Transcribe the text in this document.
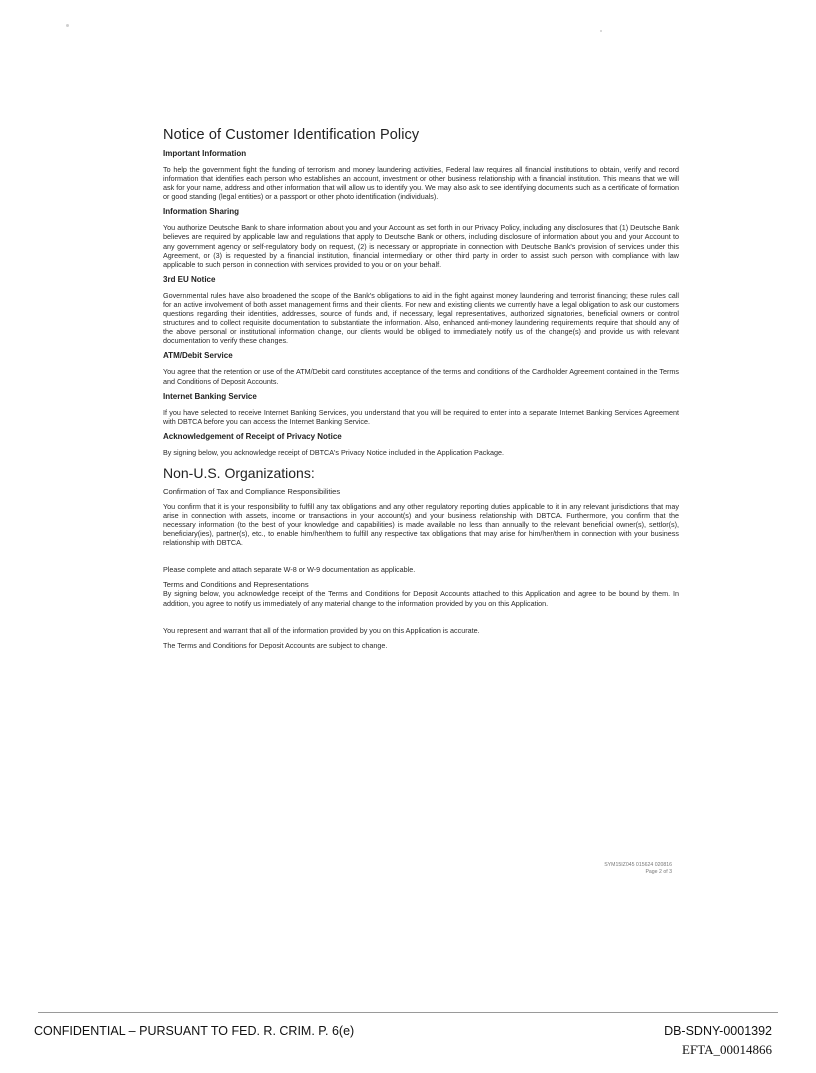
Notice of Customer Identification Policy
Important Information
To help the government fight the funding of terrorism and money laundering activities, Federal law requires all financial institutions to obtain, verify and record information that identifies each person who establishes an account, investment or other business relationship with a financial institution. This means that we will ask for your name, address and other information that will allow us to identify you. We may also ask to see identifying documents such as a certificate of formation or good standing (legal entities) or a passport or other photo identification (individuals).
Information Sharing
You authorize Deutsche Bank to share information about you and your Account as set forth in our Privacy Policy, including any disclosures that (1) Deutsche Bank believes are required by applicable law and regulations that apply to Deutsche Bank or others, including disclosure of information about you and your Account to any government agency or self-regulatory body on request, (2) is necessary or appropriate in connection with Deutsche Bank's provision of services under this Agreement, or (3) is requested by a financial institution, financial intermediary or other third party in order to assist such person with compliance with law applicable to such person in connection with services provided to you or on your behalf.
3rd EU Notice
Governmental rules have also broadened the scope of the Bank's obligations to aid in the fight against money laundering and terrorist financing; these rules call for an active involvement of both asset management firms and their clients. For new and existing clients we currently have a legal obligation to ask our customers questions regarding their identities, addresses, source of funds and, if necessary, legal representatives, authorized signatories, beneficial owners or control structures and to collect requisite documentation to substantiate the information. Also, enhanced anti-money laundering requirements require that should any of the above personal or institutional information change, our clients would be obliged to immediately notify us of the change(s) and provide us with relevant documentation to verify these changes.
ATM/Debit Service
You agree that the retention or use of the ATM/Debit card constitutes acceptance of the terms and conditions of the Cardholder Agreement contained in the Terms and Conditions of Deposit Accounts.
Internet Banking Service
If you have selected to receive Internet Banking Services, you understand that you will be required to enter into a separate Internet Banking Services Agreement with DBTCA before you can access the Internet Banking Service.
Acknowledgement of Receipt of Privacy Notice
By signing below, you acknowledge receipt of DBTCA's Privacy Notice included in the Application Package.
Non-U.S. Organizations:
Confirmation of Tax and Compliance Responsibilities
You confirm that it is your responsibility to fulfill any tax obligations and any other regulatory reporting duties applicable to it in any relevant jurisdictions that may arise in connection with assets, income or transactions in your account(s) and your business relationship with DBTCA. Furthermore, you confirm that the necessary information (to the best of your knowledge and capabilities) is made available no less than annually to the relevant beneficial owner(s), settlor(s), beneficiary(ies), partner(s), etc., to enable him/her/them to fulfill any respective tax obligations that may arise for him/her/them in connection with your business relationship with DBTCA.
Please complete and attach separate W-8 or W-9 documentation as applicable.
Terms and Conditions and Representations
By signing below, you acknowledge receipt of the Terms and Conditions for Deposit Accounts attached to this Application and agree to be bound by them. In addition, you agree to notify us immediately of any material change to the information provided by you on this Application.
You represent and warrant that all of the information provided by you on this Application is accurate.
The Terms and Conditions for Deposit Accounts are subject to change.
SYM15IZ045 015624 020816
Page 2 of 3
CONFIDENTIAL – PURSUANT TO FED. R. CRIM. P. 6(e)	DB-SDNY-0001392
EFTA_00014866
